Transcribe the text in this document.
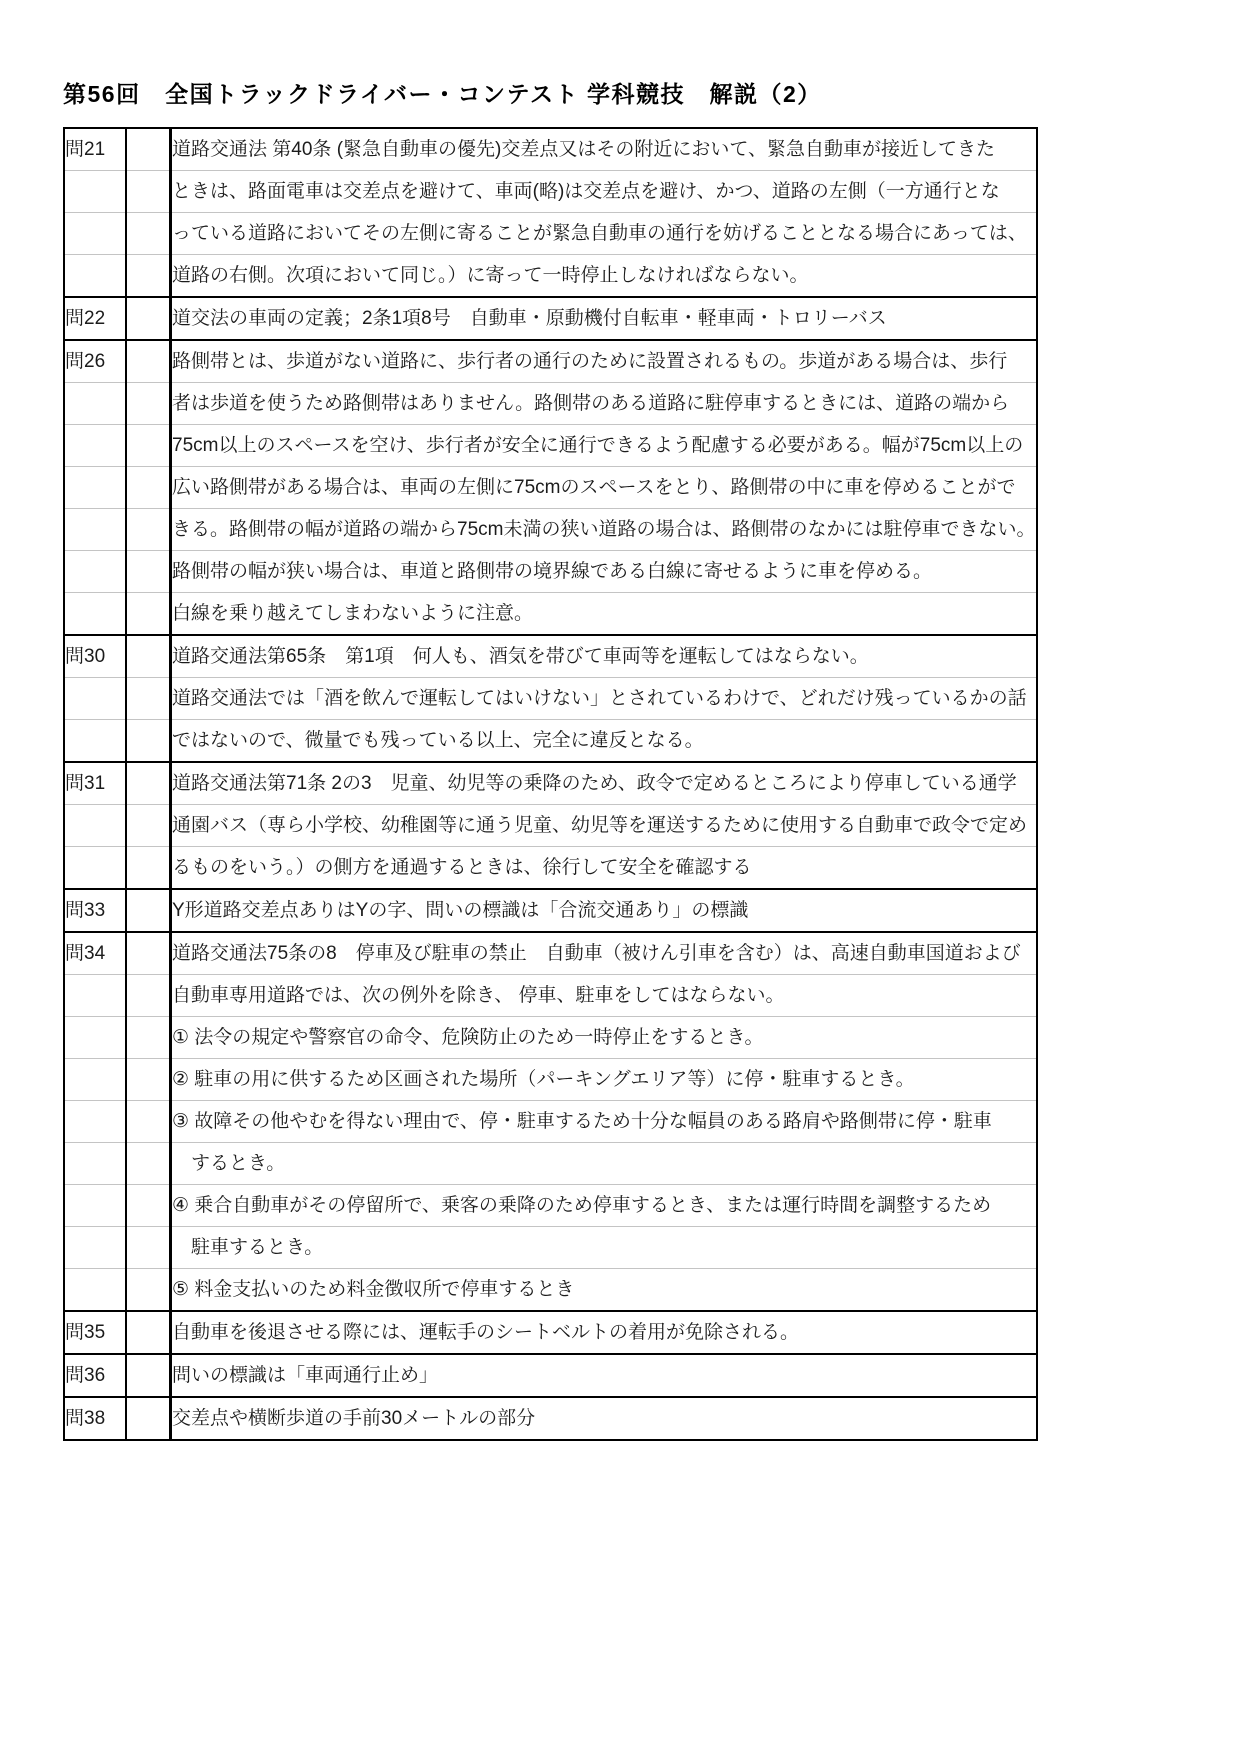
第56回　全国トラックドライバー・コンテスト 学科競技　解説（2）
問21		道路交通法 第40条 (緊急自動車の優先)交差点又はその附近において、緊急自動車が接近してきた
		ときは、路面電車は交差点を避けて、車両(略)は交差点を避け、かつ、道路の左側（一方通行とな
		っている道路においてその左側に寄ることが緊急自動車の通行を妨げることとなる場合にあっては、
		道路の右側。次項において同じ。）に寄って一時停止しなければならない。
問22		道交法の車両の定義；2条1項8号　自動車・原動機付自転車・軽車両・トロリーバス
問26		路側帯とは、歩道がない道路に、歩行者の通行のために設置されるもの。歩道がある場合は、歩行
		者は歩道を使うため路側帯はありません。路側帯のある道路に駐停車するときには、道路の端から
		75cm以上のスペースを空け、歩行者が安全に通行できるよう配慮する必要がある。幅が75cm以上の
		広い路側帯がある場合は、車両の左側に75cmのスペースをとり、路側帯の中に車を停めることがで
		きる。路側帯の幅が道路の端から75cm未満の狭い道路の場合は、路側帯のなかには駐停車できない。
		路側帯の幅が狭い場合は、車道と路側帯の境界線である白線に寄せるように車を停める。
		白線を乗り越えてしまわないように注意。
問30		道路交通法第65条　第1項　何人も、酒気を帯びて車両等を運転してはならない。
		道路交通法では「酒を飲んで運転してはいけない」とされているわけで、どれだけ残っているかの話
		ではないので、微量でも残っている以上、完全に違反となる。
問31		道路交通法第71条 2の3　児童、幼児等の乗降のため、政令で定めるところにより停車している通学
		通園バス（専ら小学校、幼稚園等に通う児童、幼児等を運送するために使用する自動車で政令で定め
		るものをいう。）の側方を通過するときは、徐行して安全を確認する
問33		Y形道路交差点ありはYの字、問いの標識は「合流交通あり」の標識
問34		道路交通法75条の8　停車及び駐車の禁止　自動車（被けん引車を含む）は、高速自動車国道および
		自動車専用道路では、次の例外を除き、 停車、駐車をしてはならない。
		① 法令の規定や警察官の命令、危険防止のため一時停止をするとき。
		② 駐車の用に供するため区画された場所（パーキングエリア等）に停・駐車するとき。
		③ 故障その他やむを得ない理由で、停・駐車するため十分な幅員のある路肩や路側帯に停・駐車
		　するとき。
		④ 乗合自動車がその停留所で、乗客の乗降のため停車するとき、または運行時間を調整するため
		　駐車するとき。
		⑤ 料金支払いのため料金徴収所で停車するとき
問35		自動車を後退させる際には、運転手のシートベルトの着用が免除される。
問36		問いの標識は「車両通行止め」
問38		交差点や横断歩道の手前30メートルの部分
